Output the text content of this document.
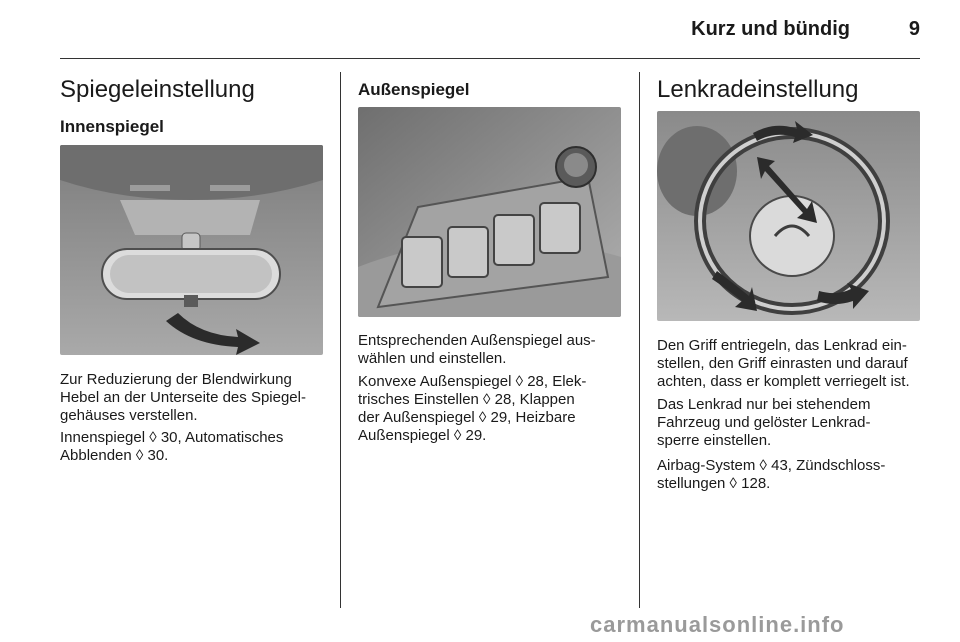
Kurz und bündig	9
Spiegeleinstellung
Innenspiegel
Zur Reduzierung der Blendwirkung
Hebel an der Unterseite des Spiegel-
gehäuses verstellen.
Innenspiegel ◊ 30, Automatisches
Abblenden ◊ 30.
Außenspiegel
Entsprechenden Außenspiegel aus-
wählen und einstellen.
Konvexe Außenspiegel ◊ 28, Elek-
trisches Einstellen ◊ 28, Klappen
der Außenspiegel ◊ 29, Heizbare
Außenspiegel ◊ 29.
Lenkradeinstellung
Den Griff entriegeln, das Lenkrad ein-
stellen, den Griff einrasten und darauf
achten, dass er komplett verriegelt ist.
Das Lenkrad nur bei stehendem
Fahrzeug und gelöster Lenkrad-
sperre einstellen.
Airbag-System ◊ 43, Zündschloss-
stellungen ◊ 128.
carmanualsonline.info
